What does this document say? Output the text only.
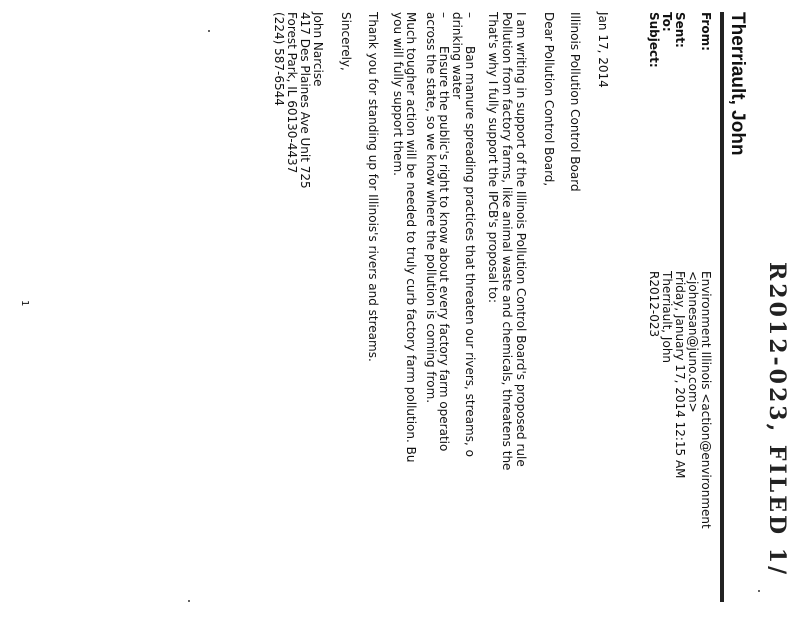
R2012-023, FILED 1/
Therriault, John
From:
Environment Illinois <action@environment
<johnesan@juno.com>
Sent:
Friday, January 17, 2014 12:15 AM
To:
Therriault, John
Subject:
R2012-023
Jan 17, 2014
Illinois Pollution Control Board
Dear Pollution Control Board,
I am writing in support of the Illinois Pollution Control Board's proposed rule
Pollution from factory farms, like animal waste and chemicals, threatens the
That's why I fully support the IPCB's proposal to:
–
Ban manure spreading practices that threaten our rivers, streams, o
drinking water
–
Ensure the public's right to know about every factory farm operatio
across the state, so we know where the pollution is coming from.
Much tougher action will be needed to truly curb factory farm pollution. Bu
you will fully support them.
Thank you for standing up for Illinois's rivers and streams.
Sincerely,
John Narcise
417 Des Plaines Ave Unit 725
Forest Park, IL 60130-4437
(224) 587-6544
1
